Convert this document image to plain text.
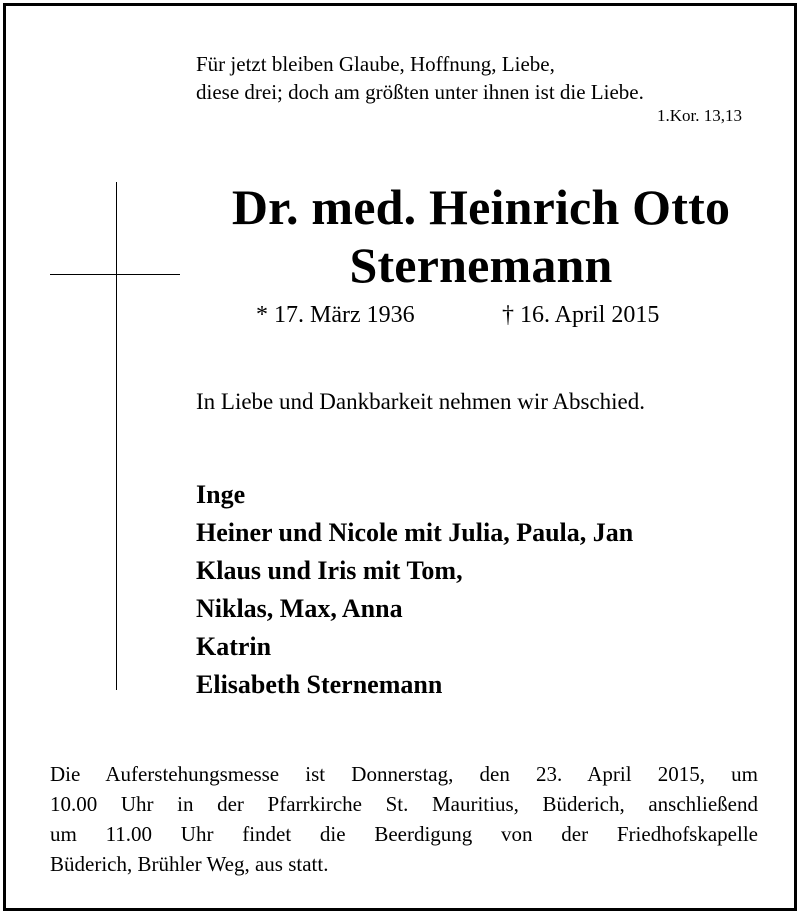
Für jetzt bleiben Glaube, Hoffnung, Liebe,
diese drei; doch am größten unter ihnen ist die Liebe.
1.Kor. 13,13
Dr. med. Heinrich Otto
Sternemann
* 17. März 1936	† 16. April 2015
In Liebe und Dankbarkeit nehmen wir Abschied.
Inge
Heiner und Nicole mit Julia, Paula, Jan
Klaus und Iris mit Tom,
Niklas, Max, Anna
Katrin
Elisabeth Sternemann
Die Auferstehungsmesse ist Donnerstag, den 23. April 2015, um
10.00 Uhr in der Pfarrkirche St. Mauritius, Büderich, anschließend
um 11.00 Uhr findet die Beerdigung von der Friedhofskapelle
Büderich, Brühler Weg, aus statt.
